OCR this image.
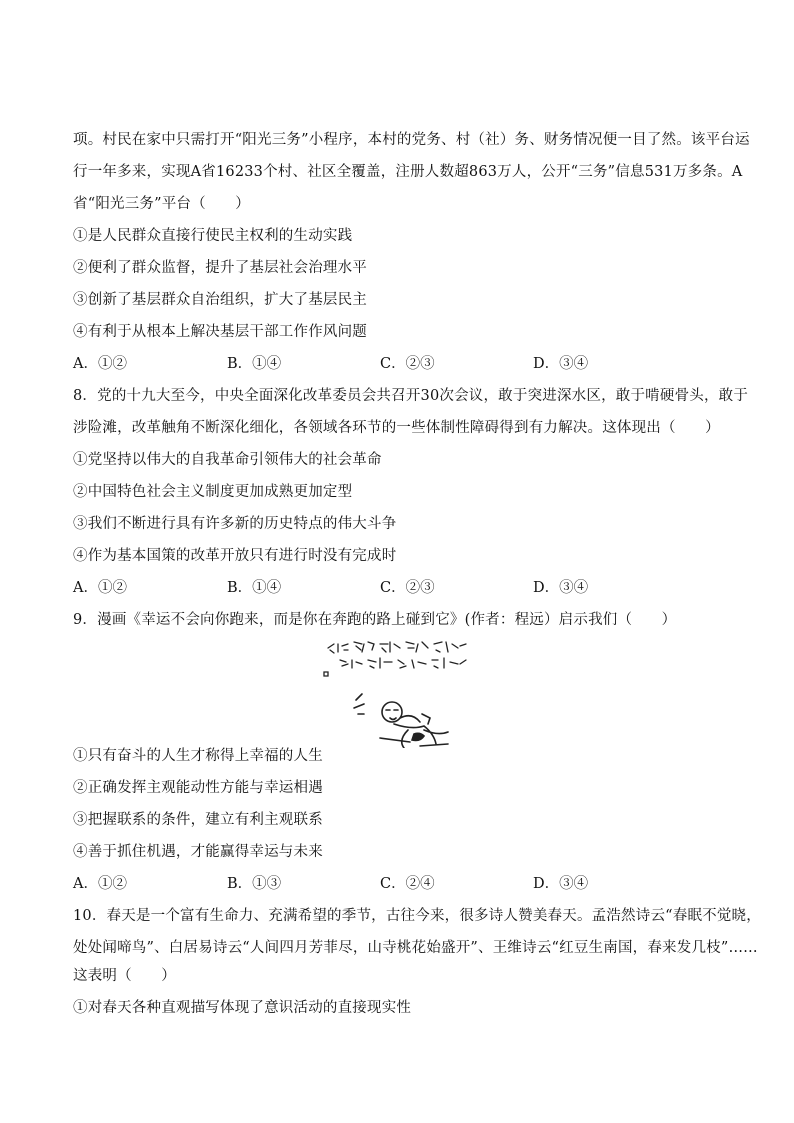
项。村民在家中只需打开“阳光三务”小程序，本村的党务、村（社）务、财务情况便一目了然。该平台运
行一年多来，实现A省16233个村、社区全覆盖，注册人数超863万人，公开“三务”信息531万多条。A
省“阳光三务”平台（　　）
①是人民群众直接行使民主权利的生动实践
②便利了群众监督，提升了基层社会治理水平
③创新了基层群众自治组织，扩大了基层民主
④有利于从根本上解决基层干部工作作风问题
A．①②	B．①④	C．②③	D．③④
8．党的十九大至今，中央全面深化改革委员会共召开30次会议，敢于突进深水区，敢于啃硬骨头，敢于
涉险滩，改革触角不断深化细化，各领域各环节的一些体制性障碍得到有力解决。这体现出（　　）
①党坚持以伟大的自我革命引领伟大的社会革命
②中国特色社会主义制度更加成熟更加定型
③我们不断进行具有许多新的历史特点的伟大斗争
④作为基本国策的改革开放只有进行时没有完成时
A．①②	B．①④	C．②③	D．③④
9．漫画《幸运不会向你跑来，而是你在奔跑的路上碰到它》(作者：程远）启示我们（　　）
①只有奋斗的人生才称得上幸福的人生
②正确发挥主观能动性方能与幸运相遇
③把握联系的条件，建立有利主观联系
④善于抓住机遇，才能赢得幸运与未来
A．①②	B．①③	C．②④	D．③④
10．春天是一个富有生命力、充满希望的季节，古往今来，很多诗人赞美春天。孟浩然诗云“春眠不觉晓，
处处闻啼鸟”、白居易诗云“人间四月芳菲尽，山寺桃花始盛开”、王维诗云“红豆生南国，春来发几枝”……
这表明（　　）
①对春天各种直观描写体现了意识活动的直接现实性
